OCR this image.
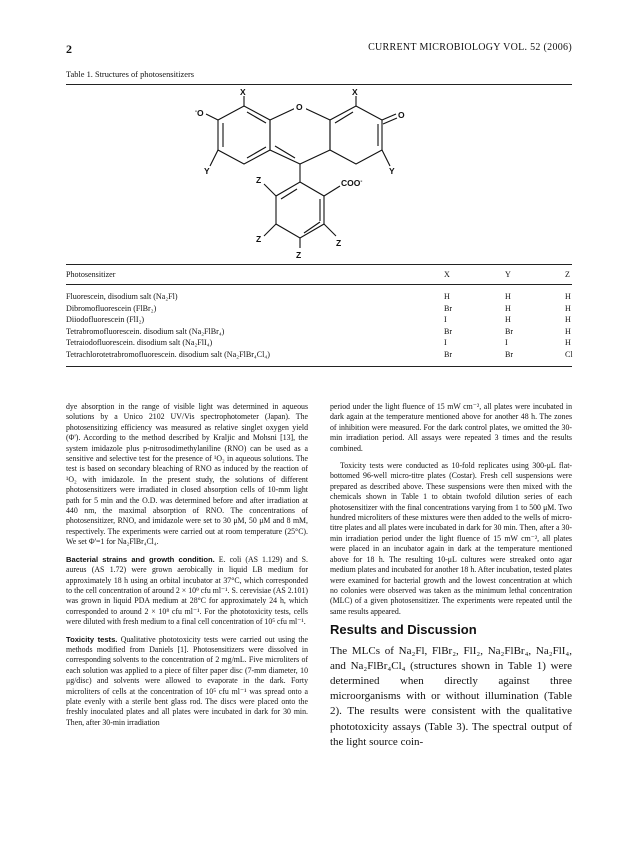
2	CURRENT MICROBIOLOGY VOL. 52 (2006)
Table 1. Structures of photosensitizers
O
O
-O
X	X
Y	Y
COO-
Z
Z	Z
Z
Photosensitizer	X	Y	Z
Fluorescein, disodium salt (Na₂Fl)	H	H	H
Dibromofluorescein (FlBr₂)	Br	H	H
Diiodofluorescein (FlI₂)	I	H	H
Tetrabromofluorescein. disodium salt (Na₂FlBr₄)	Br	Br	H
Tetraiodofluorescein. disodium salt (Na₂FlI₄)	I	I	H
Tetrachlorotetrabromofluorescein. disodium salt (Na₂FlBr₄Cl₄)	Br	Br	Cl

dye absorption in the range of visible light was determined in aqueous solutions by a Unico 2102 UV/Vis spectrophotometer (Japan). The photosensitizing efficiency was measured as relative singlet oxygen yield (Φ'). According to the method described by Kraljic and Mohsni [13], the system imidazole plus p-nitrosodimethylaniline (RNO) can be used as a sensitive and selective test for the presence of ¹O₂ in aqueous solutions. The test is based on secondary bleaching of RNO as induced by the reaction of ¹O₂ with imidazole. In the present study, the solutions of different photosensitizers were irradiated in closed absorption cells of 10-mm light path for 5 min and the O.D. was determined before and after irradiation at 440 nm, the maximal absorption of RNO. The concentrations of photosensitizer, RNO, and imidazole were set to 30 μM, 50 μM and 8 mM, respectively. The experiments were carried out at room temperature (25°C). We set Φ'=1 for Na₂FlBr₄Cl₄.

Bacterial strains and growth condition. E. coli (AS 1.129) and S. aureus (AS 1.72) were grown aerobically in liquid LB medium for approximately 18 h using an orbital incubator at 37°C, which corresponded to the cell concentration of around 2 × 10⁹ cfu ml⁻¹. S. cerevisiae (AS 2.101) was grown in liquid PDA medium at 28°C for approximately 24 h, which corresponded to around 2 × 10⁸ cfu ml⁻¹. For the phototoxicity tests, cells were diluted with fresh medium to a final cell concentration of 10⁵ cfu ml⁻¹.

Toxicity tests. Qualitative phototoxicity tests were carried out using the methods modified from Daniels [1]. Photosensitizers were dissolved in corresponding solvents to the concentration of 2 mg/mL. Five microliters of each solution was applied to a piece of filter paper disc (7-mm diameter, 10 μg/disc) and solvents were allowed to evaporate in the dark. Forty microliters of cells at the concentration of 10⁵ cfu ml⁻¹ was spread onto a plate evenly with a sterile bent glass rod. The discs were placed onto the freshly inoculated plates and all plates were incubated in dark for 30 min. Then, after 30-min irradiation

period under the light fluence of 15 mW cm⁻², all plates were incubated in dark again at the temperature mentioned above for another 48 h. The zones of inhibition were measured. For the dark control plates, we omitted the 30-min irradiation period. All assays were repeated 3 times and the results combined.

Toxicity tests were conducted as 10-fold replicates using 300-μL flat-bottomed 96-well micro-titre plates (Costar). Fresh cell suspensions were prepared as described above. These suspensions were then mixed with the chemicals shown in Table 1 to obtain twofold dilution series of each photosensitizer with the final concentrations varying from 1 to 500 μM. Two hundred microliters of these mixtures were then added to the wells of micro-titre plates and all plates were incubated in dark for 30 min. Then, after a 30-min irradiation period under the light fluence of 15 mW cm⁻², all plates were placed in an incubator again in dark at the temperature mentioned above for 18 h. The resulting 10-μL cultures were streaked onto agar medium plates and incubated for another 18 h. After incubation, tested plates were examined for bacterial growth and the lowest concentration at which no colonies were observed was taken as the minimum lethal concentration (MLC) of a given photosensitizer. The experiments were repeated until the same results appeared.

Results and Discussion
The MLCs of Na₂Fl, FlBr₂, FlI₂, Na₂FlBr₄, Na₂FlI₄, and Na₂FlBr₄Cl₄ (structures shown in Table 1) were determined when directly against three microorganisms with or without illumination (Table 2). The results were consistent with the qualitative phototoxicity assays (Table 3). The spectral output of the light source coin-
